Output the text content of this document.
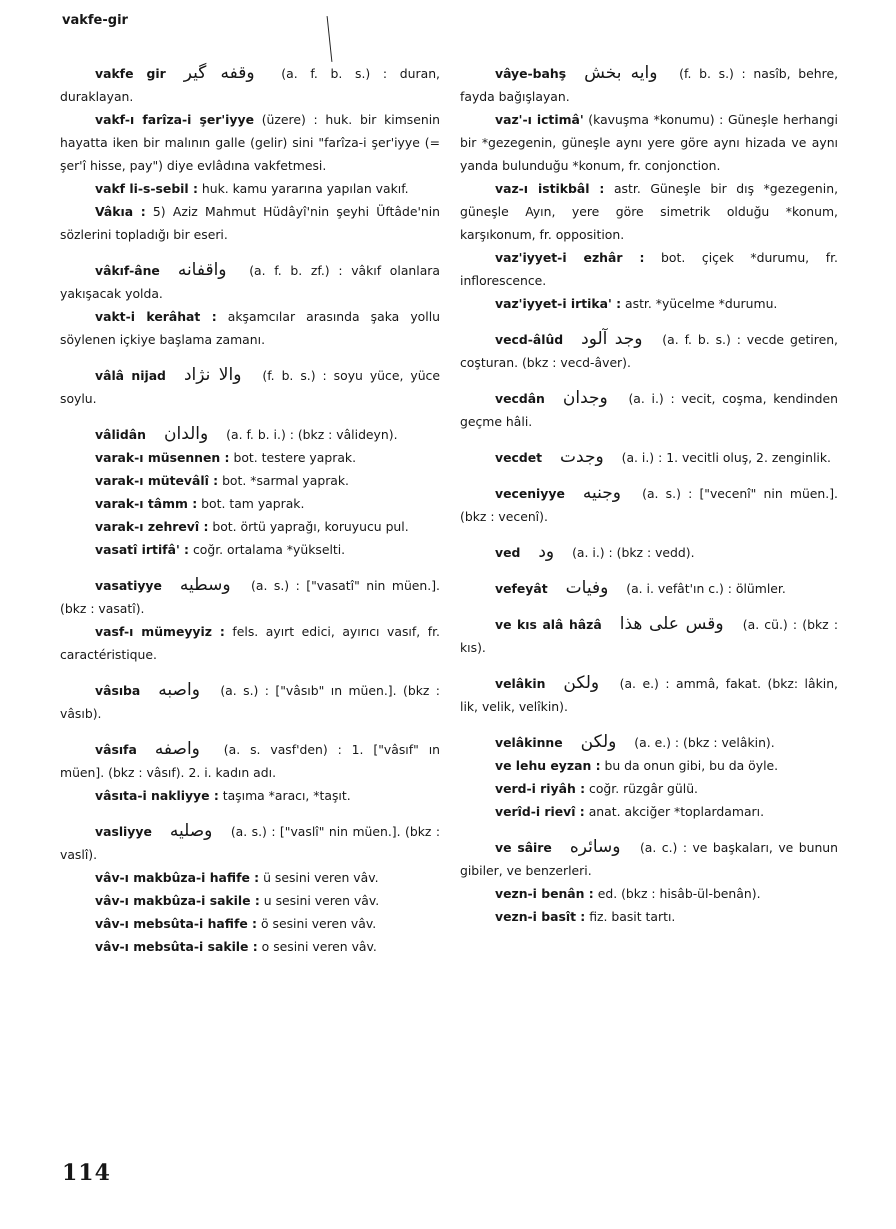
vakfe-gir
vakfe gir وقفه گیر (a. f. b. s.) : duran, duraklayan.
vakf-ı farîza-i şer'iyye (üzere) : huk. bir kimsenin hayatta iken bir malının galle (gelir) sini "farîza-i şer'iyye (= şer'î hisse, pay") diye evlâdına vakfetmesi.
vakf li-s-sebil : huk. kamu yararına yapılan vakıf.
Vâkıa : 5) Aziz Mahmut Hüdâyî'nin şeyhi Üftâde'nin sözlerini topladığı bir eseri.
vâkıf-âne واقفانه (a. f. b. zf.) : vâkıf olanlara yakışacak yolda.
vakt-i kerâhat : akşamcılar arasında şaka yollu söylenen içkiye başlama zamanı.
vâlâ nijad والا نژاد (f. b. s.) : soyu yüce, yüce soylu.
vâlidân والدان (a. f. b. i.) : (bkz : vâlideyn).
varak-ı müsennen : bot. testere yaprak.
varak-ı mütevâlî : bot. *sarmal yaprak.
varak-ı tâmm : bot. tam yaprak.
varak-ı zehrevî : bot. örtü yaprağı, koruyucu pul.
vasatî irtifâ' : coğr. ortalama *yükselti.
vasatiyye وسطيه (a. s.) : ["vasatî" nin müen.]. (bkz : vasatî).
vasf-ı mümeyyiz : fels. ayırt edici, ayırıcı vasıf, fr. caractéristique.
vâsıba واصبه (a. s.) : ["vâsıb" ın müen.]. (bkz : vâsıb).
vâsıfa واصفه (a. s. vasf'den) : 1. ["vâsıf" ın müen]. (bkz : vâsıf). 2. i. kadın adı.
vâsıta-i nakliyye : taşıma *aracı, *taşıt.
vasliyye وصليه (a. s.) : ["vaslî" nin müen.]. (bkz : vaslî).
vâv-ı makbûza-i hafife : ü sesini veren vâv.
vâv-ı makbûza-i sakile : u sesini veren vâv.
vâv-ı mebsûta-i hafife : ö sesini veren vâv.
vâv-ı mebsûta-i sakile : o sesini veren vâv.
vâye-bahş وايه بخش (f. b. s.) : nasîb, behre, fayda bağışlayan.
vaz'-ı ictimâ' (kavuşma *konumu) : Güneşle herhangi bir *gezegenin, güneşle aynı yere göre aynı hizada ve aynı yanda bulunduğu *konum, fr. conjonction.
vaz-ı istikbâl : astr. Güneşle bir dış *gezegenin, güneşle Ayın, yere göre simetrik olduğu *konum, karşıkonum, fr. opposition.
vaz'iyyet-i ezhâr : bot. çiçek *durumu, fr. inflorescence.
vaz'iyyet-i irtika' : astr. *yücelme *durumu.
vecd-âlûd وجد آلود (a. f. b. s.) : vecde getiren, coşturan. (bkz : vecd-âver).
vecdân وجدان (a. i.) : vecit, coşma, kendinden geçme hâli.
vecdet وجدت (a. i.) : 1. vecitli oluş, 2. zenginlik.
veceniyye وجنيه (a. s.) : ["vecenî" nin müen.]. (bkz : vecenî).
ved ود (a. i.) : (bkz : vedd).
vefeyât وفيات (a. i. vefât'ın c.) : ölümler.
ve kıs alâ hâzâ وقس على هذا (a. cü.) : (bkz : kıs).
velâkin ولكن (a. e.) : ammâ, fakat. (bkz: lâkin, lik, velik, velîkin).
velâkinne ولكن (a. e.) : (bkz : velâkin).
ve lehu eyzan : bu da onun gibi, bu da öyle.
verd-i riyâh : coğr. rüzgâr gülü.
verîd-i rievî : anat. akciğer *toplardamarı.
ve sâire وسائره (a. c.) : ve başkaları, ve bunun gibiler, ve benzerleri.
vezn-i benân : ed. (bkz : hisâb-ül-benân).
vezn-i basît : fiz. basit tartı.
114
